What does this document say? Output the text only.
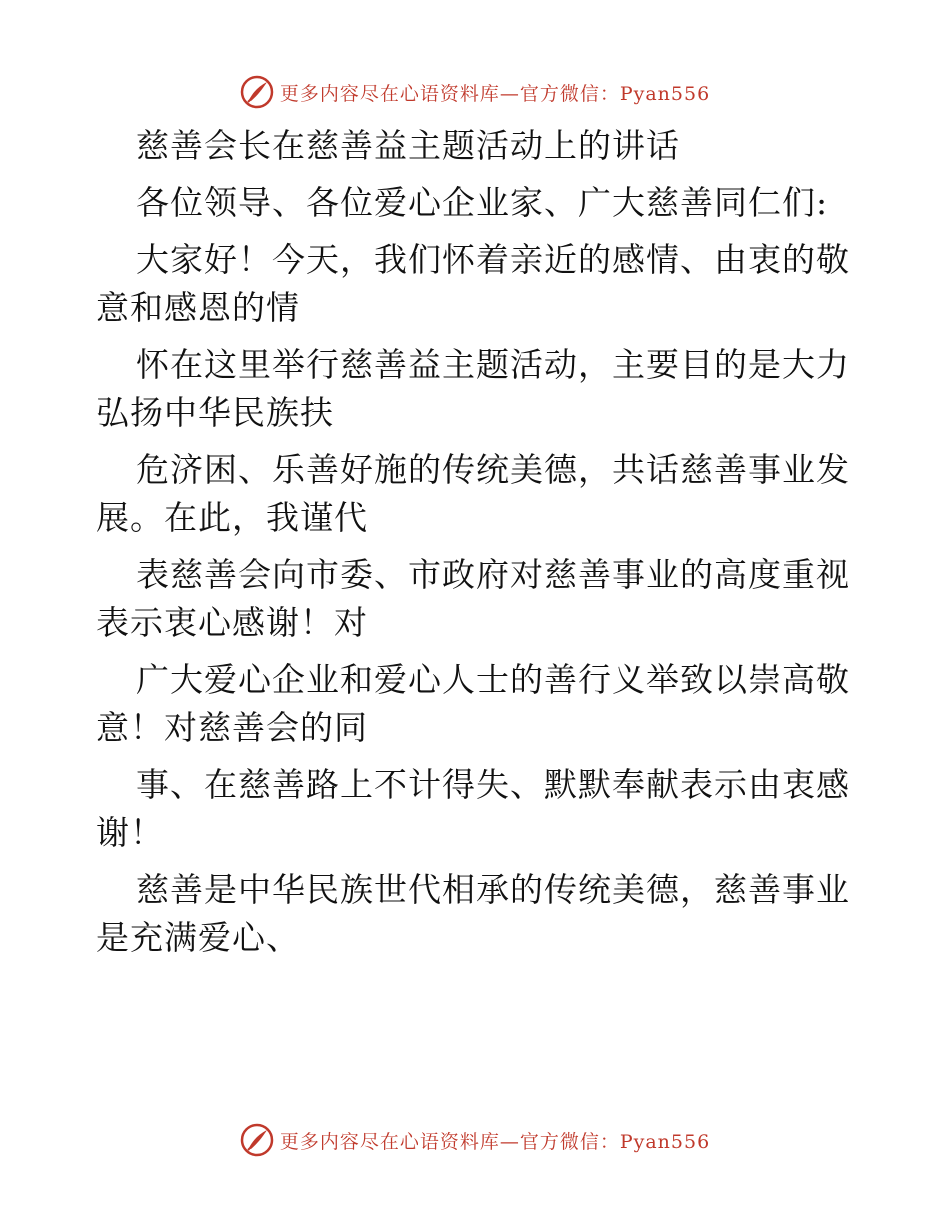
更多内容尽在心语资料库—官方微信：Pyan556

慈善会长在慈善益主题活动上的讲话

各位领导、各位爱心企业家、广大慈善同仁们:

大家好！今天，我们怀着亲近的感情、由衷的敬

意和感恩的情

怀在这里举行慈善益主题活动，主要目的是大力

弘扬中华民族扶

危济困、乐善好施的传统美德，共话慈善事业发

展。在此，我谨代

表慈善会向市委、市政府对慈善事业的高度重视

表示衷心感谢！对

广大爱心企业和爱心人士的善行义举致以崇高敬

意！对慈善会的同

事、在慈善路上不计得失、默默奉献表示由衷感

谢！

慈善是中华民族世代相承的传统美德，慈善事业

是充满爱心、

更多内容尽在心语资料库—官方微信：Pyan556
